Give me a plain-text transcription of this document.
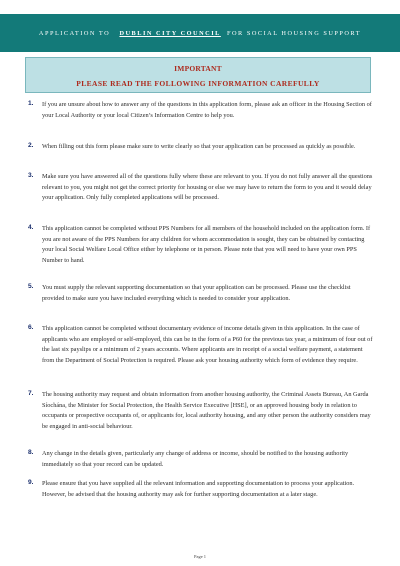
APPLICATION TO DUBLIN CITY COUNCIL FOR SOCIAL HOUSING SUPPORT
IMPORTANT
PLEASE READ THE FOLLOWING INFORMATION CAREFULLY
1. If you are unsure about how to answer any of the questions in this application form, please ask an officer in the Housing Section of your Local Authority or your local Citizen’s Information Centre to help you.
2. When filling out this form please make sure to write clearly so that your application can be processed as quickly as possible.
3. Make sure you have answered all of the questions fully where these are relevant to you. If you do not fully answer all the questions relevant to you, you might not get the correct priority for housing or else we may have to return the form to you and it would delay your application. Only fully completed applications will be processed.
4. This application cannot be completed without PPS Numbers for all members of the household included on the application form. If you are not aware of the PPS Numbers for any children for whom accommodation is sought, they can be obtained by contacting your local Social Welfare Local Office either by telephone or in person. Please note that you will need to have your own PPS Number to hand.
5. You must supply the relevant supporting documentation so that your application can be processed. Please use the checklist provided to make sure you have included everything which is needed to consider your application.
6. This application cannot be completed without documentary evidence of income details given in this application. In the case of applicants who are employed or self-employed, this can be in the form of a P60 for the previous tax year, a minimum of four out of the last six payslips or a minimum of 2 years accounts. Where applicants are in receipt of a social welfare payment, a statement from the Department of Social Protection is required. Please ask your housing authority which form of evidence they require.
7. The housing authority may request and obtain information from another housing authority, the Criminal Assets Bureau, An Garda Síochána, the Minister for Social Protection, the Health Service Executive [HSE], or an approved housing body in relation to occupants or prospective occupants of, or applicants for, local authority housing, and any other person the authority considers may be engaged in anti-social behaviour.
8. Any change in the details given, particularly any change of address or income, should be notified to the housing authority immediately so that your record can be updated.
9. Please ensure that you have supplied all the relevant information and supporting documentation to process your application. However, be advised that the housing authority may ask for further supporting documentation at a later stage.
Page 1
